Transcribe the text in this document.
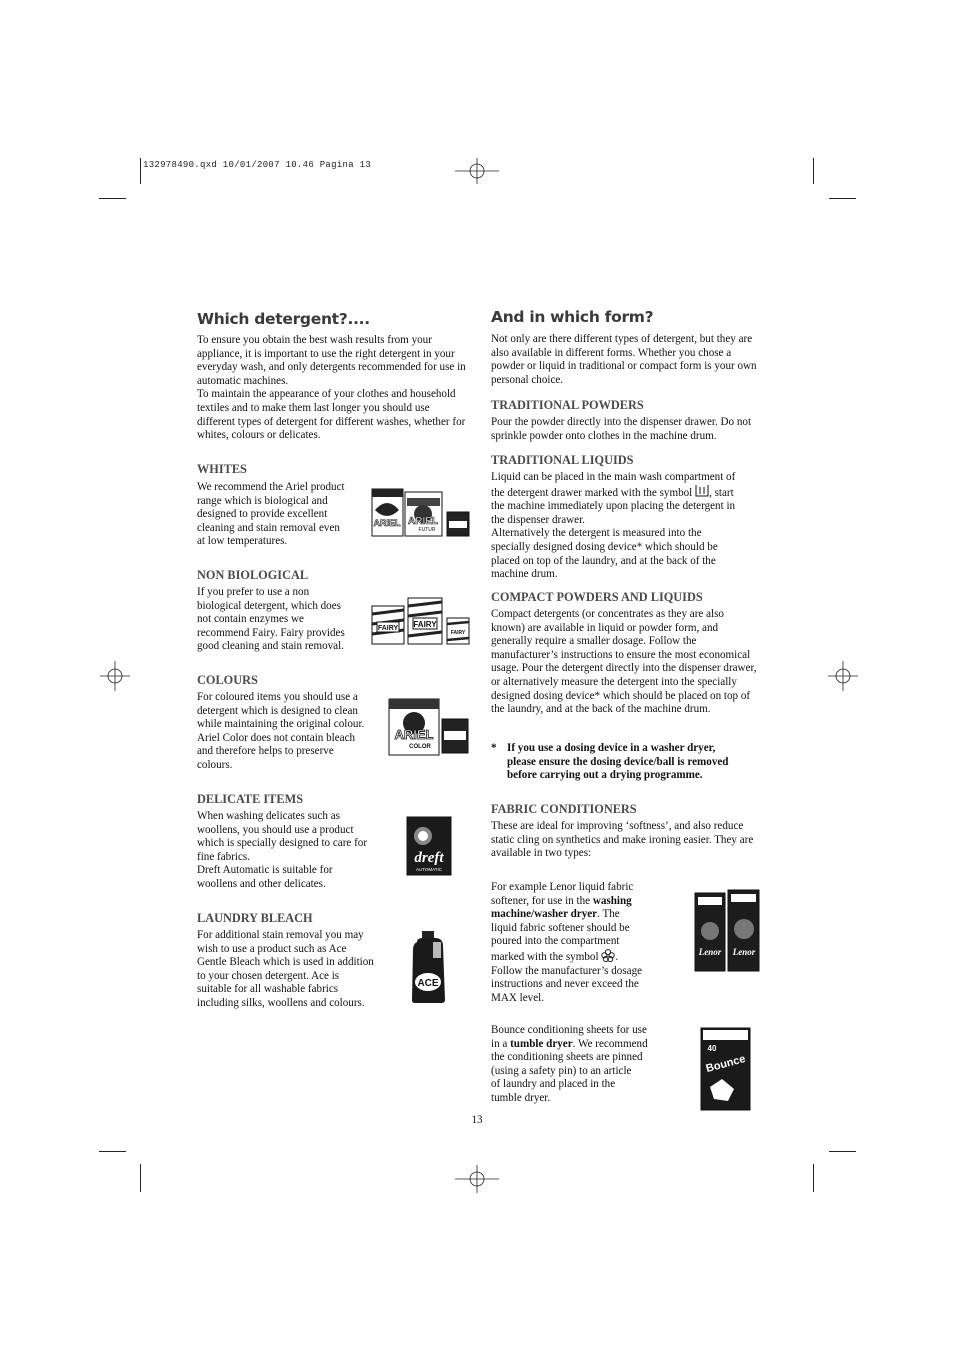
132978490.qxd 10/01/2007 10.46 Pagina 13
Which detergent?....

To ensure you obtain the best wash results from your appliance, it is important to use the right detergent in your everyday wash, and only detergents recommended for use in automatic machines.

To maintain the appearance of your clothes and household textiles and to make them last longer you should use different types of detergent for different washes, whether for whites, colours or delicates.

WHITES

We recommend the Ariel product

range which is biological and

designed to provide excellent

cleaning and stain removal even

at low temperatures.

ARIEL ARIEL
FUTUR
NON BIOLOGICAL

If you prefer to use a non

biological detergent, which does

not contain enzymes we

recommend Fairy. Fairy provides

good cleaning and stain removal.

FAIRY FAIRY
FAIRY
COLOURS

For coloured items you should use a

detergent which is designed to clean

while maintaining the original colour.

Ariel Color does not contain bleach

and therefore helps to preserve

colours.

ARIEL
COLOR
DELICATE ITEMS

When washing delicates such as

woollens, you should use a product

which is specially designed to care for

fine fabrics.

Dreft Automatic is suitable for

woollens and other delicates.

dreft
AUTOMATIC
LAUNDRY BLEACH

For additional stain removal you may

wish to use a product such as Ace

Gentle Bleach which is used in addition

to your chosen detergent. Ace is

suitable for all washable fabrics

including silks, woollens and colours.

ACE
And in which form?

Not only are there different types of detergent, but they are also available in different forms. Whether you chose a powder or liquid in traditional or compact form is your own personal choice.

TRADITIONAL POWDERS

Pour the powder directly into the dispenser drawer. Do not sprinkle powder onto clothes in the machine drum.

TRADITIONAL LIQUIDS

Liquid can be placed in the main wash compartment of

the detergent drawer marked with the symbol , start

the machine immediately upon placing the detergent in

the dispenser drawer.

Alternatively the detergent is measured into the

specially designed dosing device* which should be

placed on top of the laundry, and at the back of the

machine drum.

COMPACT POWDERS AND LIQUIDS

Compact detergents (or concentrates as they are also known) are available in liquid or powder form, and generally require a smaller dosage. Follow the manufacturer’s instructions to ensure the most economical usage. Pour the detergent directly into the dispenser drawer, or alternatively measure the detergent into the specially designed dosing device* which should be placed on top of the laundry, and at the back of the machine drum.

* If you use a dosing device in a washer dryer,

please ensure the dosing device/ball is removed

before carrying out a drying programme.

FABRIC CONDITIONERS

These are ideal for improving ‘softness’, and also reduce static cling on synthetics and make ironing easier. They are available in two types:

For example Lenor liquid fabric

softener, for use in the washing

machine/washer dryer. The

liquid fabric softener should be

poured into the compartment

marked with the symbol .

Follow the manufacturer’s dosage

instructions and never exceed the

MAX level.

Lenor Lenor

Bounce conditioning sheets for use

in a tumble dryer. We recommend

the conditioning sheets are pinned

(using a safety pin) to an article

of laundry and placed in the

tumble dryer.

40
Bounce
13
